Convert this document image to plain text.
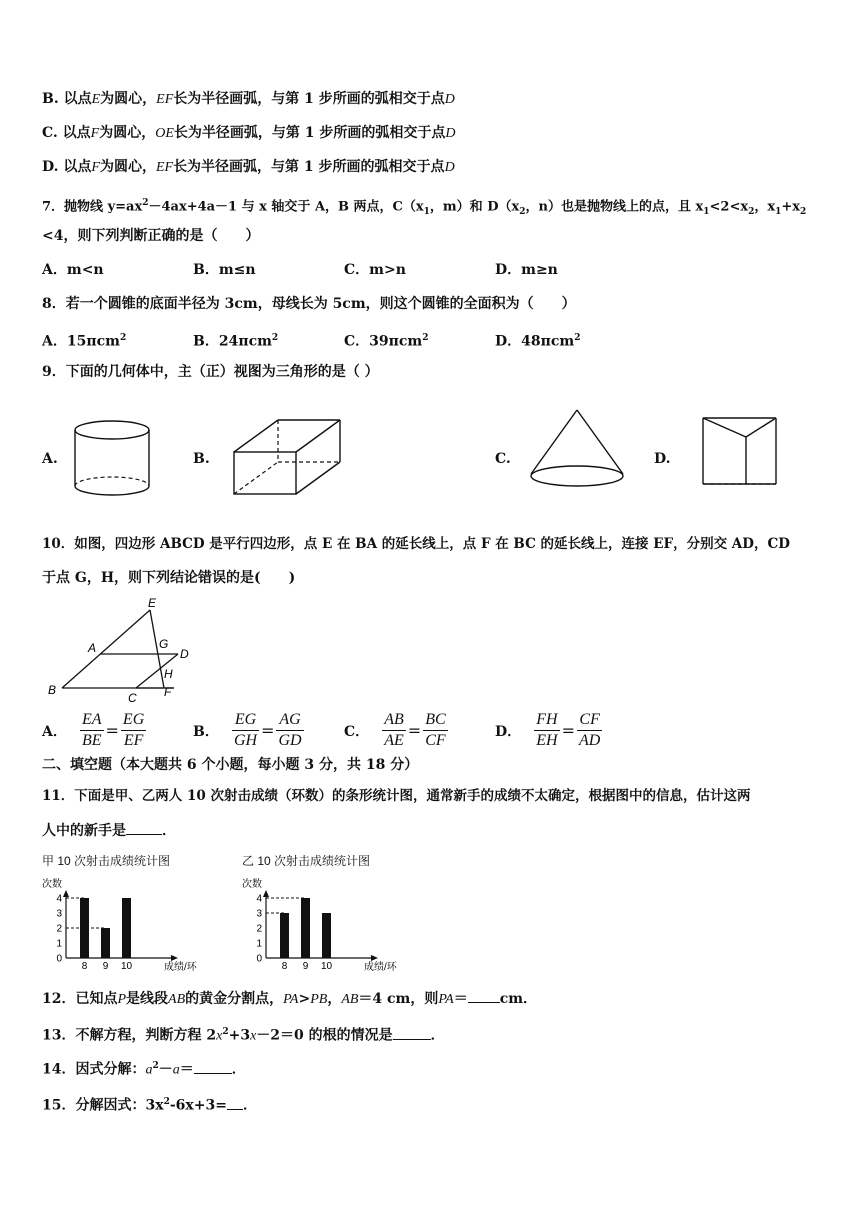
B. 以点E为圆心，EF长为半径画弧，与第 1 步所画的弧相交于点D
C. 以点F为圆心，OE长为半径画弧，与第 1 步所画的弧相交于点D
D. 以点F为圆心，EF长为半径画弧，与第 1 步所画的弧相交于点D
7．抛物线 $y=ax^2-4ax+4a-1$ 与 x 轴交于 A，B 两点，$C(x_1$，m）和 $D(x_2$，n）也是抛物线上的点，且 $x_1<2<x_2$，$x_1+x_2$
<4，则下列判断正确的是（　　）
A．m<n	B．m≤n	C．m>n	D．m≥n
8．若一个圆锥的底面半径为 3cm，母线长为 5cm，则这个圆锥的全面积为（　　）
A．15πcm$^2$	B．24πcm$^2$	C．39πcm$^2$	D．48πcm$^2$
9．下面的几何体中，主（正）视图为三角形的是（ ）
A.	B.	C.	D.
10．如图，四边形 ABCD 是平行四边形，点 E 在 BA 的延长线上，点 F 在 BC 的延长线上，连接 EF，分别交 AD，CD
于点 G，H，则下列结论错误的是(　　)
E
A	G
D
H
B
C F
A． $\frac{EA}{BE} = \frac{EG}{EF}$	B． $\frac{EG}{GH} = \frac{AG}{GD}$	C． $\frac{AB}{AE} = \frac{BC}{CF}$	D． $\frac{FH}{EH} = \frac{CF}{AD}$
二、填空题（本大题共 6 个小题，每小题 3 分，共 18 分）
11．下面是甲、乙两人 10 次射击成绩（环数）的条形统计图，通常新手的成绩不太确定，根据图中的信息，估计这两
人中的新手是	．
甲 10 次射击成绩统计图	乙 10 次射击成绩统计图
次数
0
1
2
3
4
8 9 10	成绩/环
次数
0
1
2
3
4
8 9 10	成绩/环
12．已知点P是线段AB的黄金分割点，PA>PB，AB＝4 cm，则PA＝ cm．
13．不解方程，判断方程 $2x^2+3x-2=0$ 的根的情况是	．
14．因式分解：$a^2-a=$	．
15．分解因式：$3x^2-6x+3=$ ．
